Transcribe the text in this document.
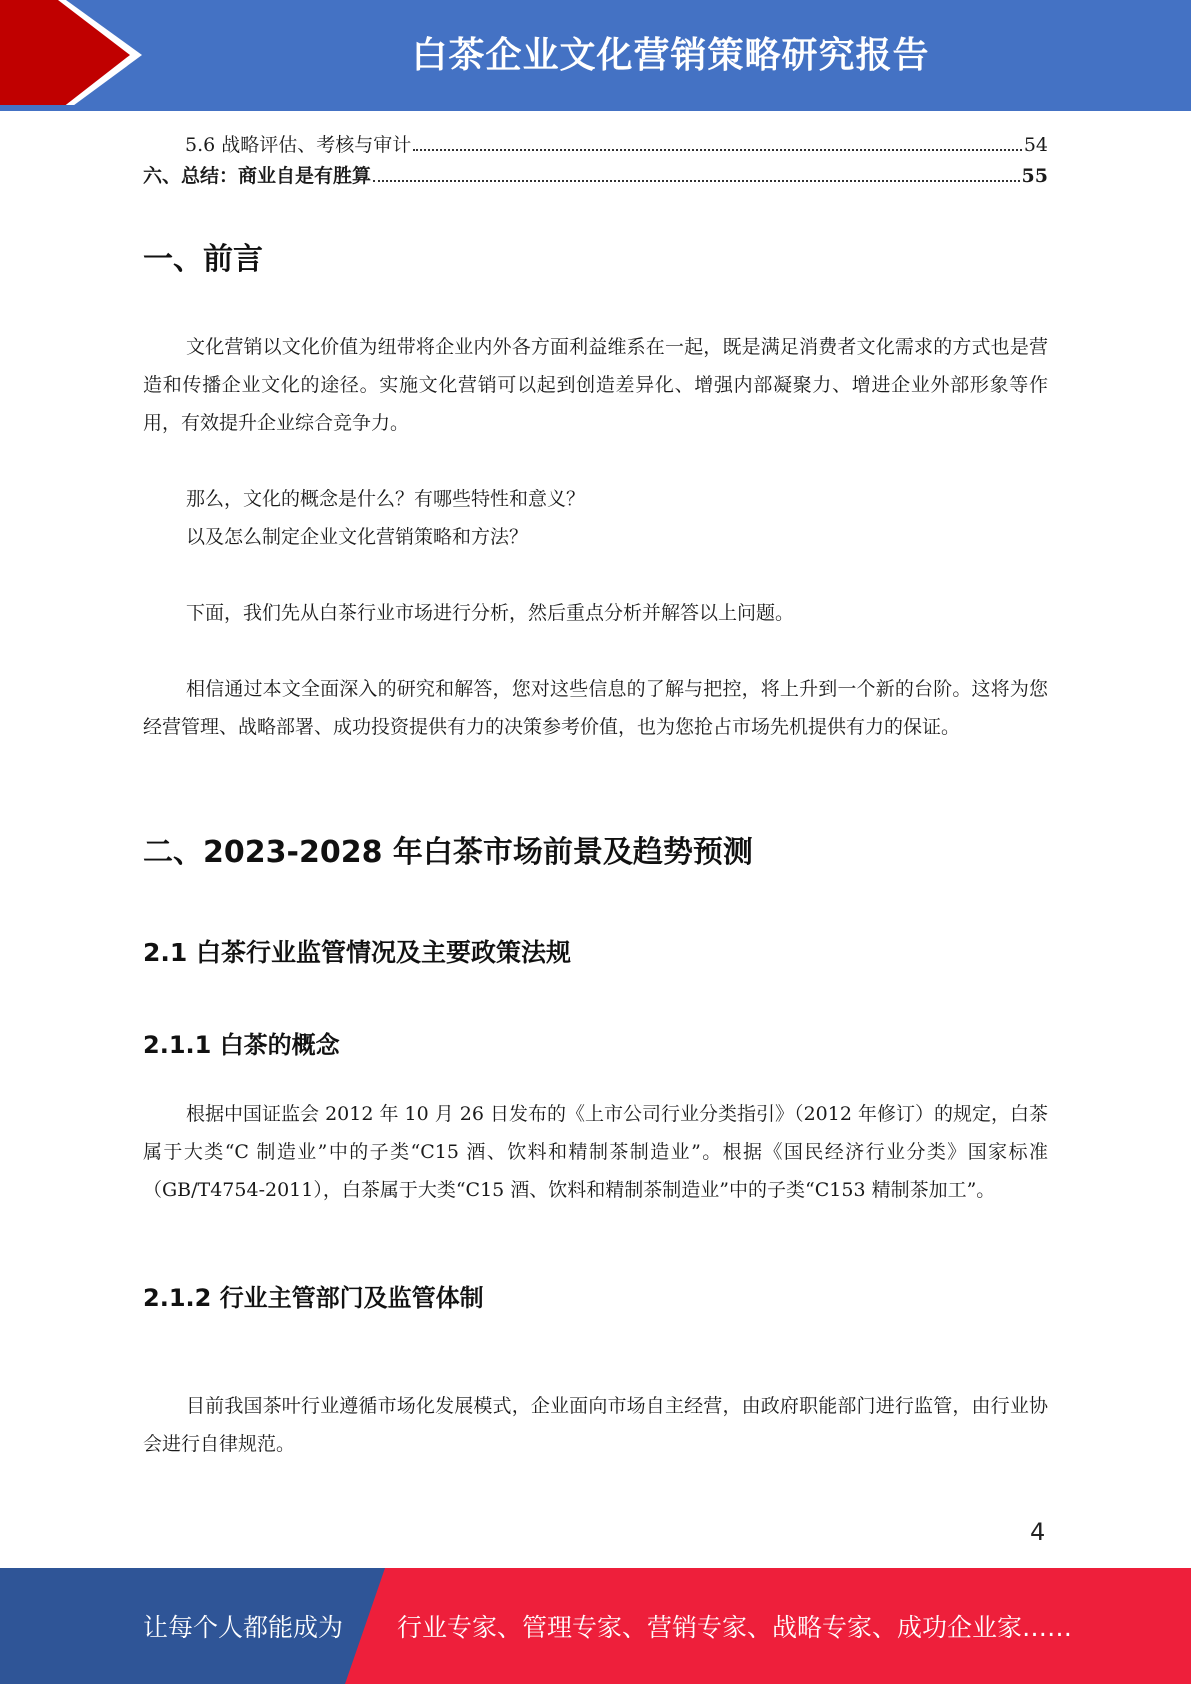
白茶企业文化营销策略研究报告
5.6 战略评估、考核与审计	54
六、总结：商业自是有胜算	55
一、前言

文化营销以文化价值为纽带将企业内外各方面利益维系在一起，既是满足消费者文化需求的方式也是营造和传播企业文化的途径。实施文化营销可以起到创造差异化、增强内部凝聚力、增进企业外部形象等作用，有效提升企业综合竞争力。

那么，文化的概念是什么？有哪些特性和意义？

以及怎么制定企业文化营销策略和方法？

下面，我们先从白茶行业市场进行分析，然后重点分析并解答以上问题。

相信通过本文全面深入的研究和解答，您对这些信息的了解与把控，将上升到一个新的台阶。这将为您经营管理、战略部署、成功投资提供有力的决策参考价值，也为您抢占市场先机提供有力的保证。

二、2023-2028 年白茶市场前景及趋势预测
2.1 白茶行业监管情况及主要政策法规
2.1.1 白茶的概念

根据中国证监会 2012 年 10 月 26 日发布的《上市公司行业分类指引》（2012 年修订）的规定，白茶属于大类“C 制造业”中的子类“C15 酒、饮料和精制茶制造业”。根据《国民经济行业分类》国家标准（GB/T4754-2011），白茶属于大类“C15 酒、饮料和精制茶制造业”中的子类“C153 精制茶加工”。

2.1.2 行业主管部门及监管体制

目前我国茶叶行业遵循市场化发展模式，企业面向市场自主经营，由政府职能部门进行监管，由行业协会进行自律规范。

4
让每个人都能成为 行业专家、管理专家、营销专家、战略专家、成功企业家……
